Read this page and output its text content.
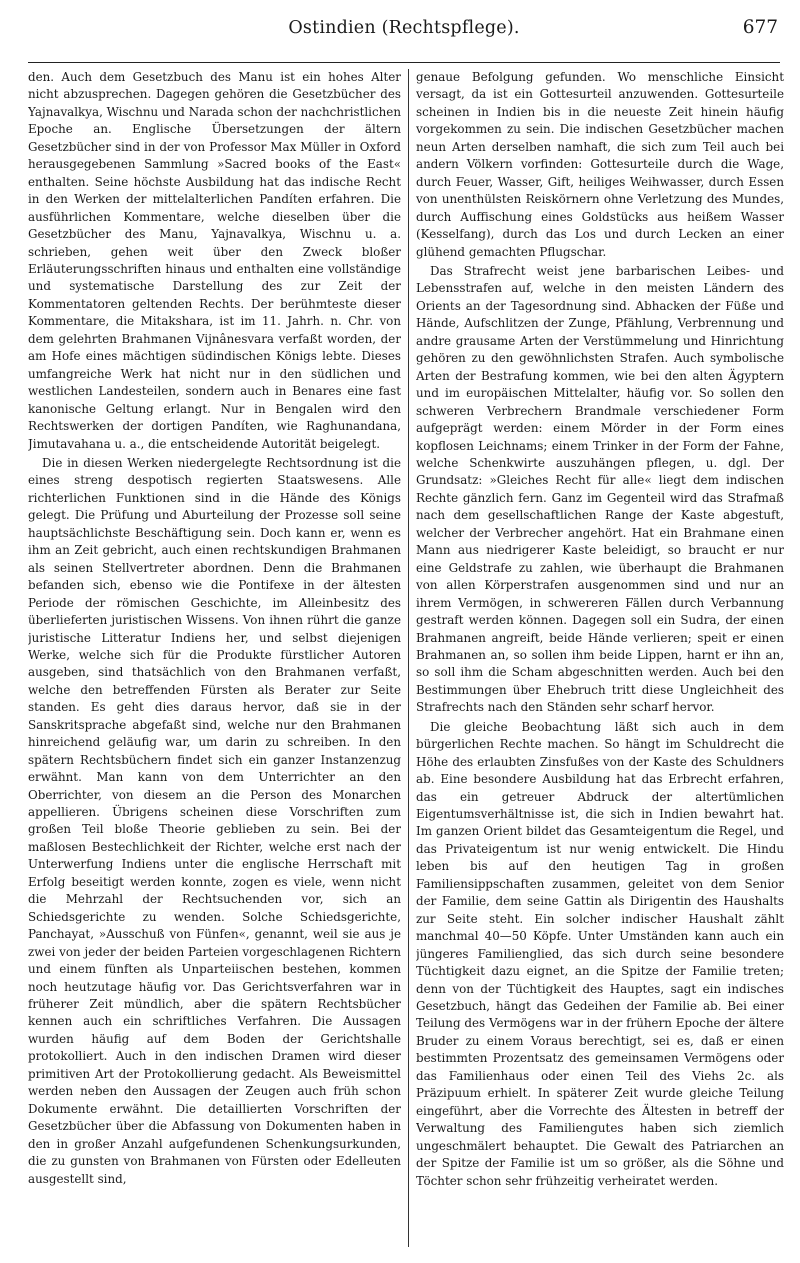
Ostindien (Rechtspflege).	677

den. Auch dem Gesetzbuch des Manu ist ein hohes Alter nicht abzusprechen. Dagegen gehören die Gesetzbücher des Yajnavalkya, Wischnu und Narada schon der nachchristlichen Epoche an. Englische Übersetzungen der ältern Gesetzbücher sind in der von Professor Max Müller in Oxford herausgegebenen Sammlung »Sacred books of the East« enthalten. Seine höchste Ausbildung hat das indische Recht in den Werken der mittelalterlichen Pandíten erfahren. Die ausführlichen Kommentare, welche dieselben über die Gesetzbücher des Manu, Yajnavalkya, Wischnu u. a. schrieben, gehen weit über den Zweck bloßer Erläuterungsschriften hinaus und enthalten eine vollständige und systematische Darstellung des zur Zeit der Kommentatoren geltenden Rechts. Der berühmteste dieser Kommentare, die Mitakshara, ist im 11. Jahrh. n. Chr. von dem gelehrten Brahmanen Vijnânesvara verfaßt worden, der am Hofe eines mächtigen südindischen Königs lebte. Dieses umfangreiche Werk hat nicht nur in den südlichen und westlichen Landesteilen, sondern auch in Benares eine fast kanonische Geltung erlangt. Nur in Bengalen wird den Rechtswerken der dortigen Pandíten, wie Raghunandana, Jimutavahana u. a., die entscheidende Autorität beigelegt.

Die in diesen Werken niedergelegte Rechtsordnung ist die eines streng despotisch regierten Staatswesens. Alle richterlichen Funktionen sind in die Hände des Königs gelegt. Die Prüfung und Aburteilung der Prozesse soll seine hauptsächlichste Beschäftigung sein. Doch kann er, wenn es ihm an Zeit gebricht, auch einen rechtskundigen Brahmanen als seinen Stellvertreter abordnen. Denn die Brahmanen befanden sich, ebenso wie die Pontifexe in der ältesten Periode der römischen Geschichte, im Alleinbesitz des überlieferten juristischen Wissens. Von ihnen rührt die ganze juristische Litteratur Indiens her, und selbst diejenigen Werke, welche sich für die Produkte fürstlicher Autoren ausgeben, sind thatsächlich von den Brahmanen verfaßt, welche den betreffenden Fürsten als Berater zur Seite standen. Es geht dies daraus hervor, daß sie in der Sanskritsprache abgefaßt sind, welche nur den Brahmanen hinreichend geläufig war, um darin zu schreiben. In den spätern Rechtsbüchern findet sich ein ganzer Instanzenzug erwähnt. Man kann von dem Unterrichter an den Oberrichter, von diesem an die Person des Monarchen appellieren. Übrigens scheinen diese Vorschriften zum großen Teil bloße Theorie geblieben zu sein. Bei der maßlosen Bestechlichkeit der Richter, welche erst nach der Unterwerfung Indiens unter die englische Herrschaft mit Erfolg beseitigt werden konnte, zogen es viele, wenn nicht die Mehrzahl der Rechtsuchenden vor, sich an Schiedsgerichte zu wenden. Solche Schiedsgerichte, Panchayat, »Ausschuß von Fünfen«, genannt, weil sie aus je zwei von jeder der beiden Parteien vorgeschlagenen Richtern und einem fünften als Unparteiischen bestehen, kommen noch heutzutage häufig vor. Das Gerichtsverfahren war in früherer Zeit mündlich, aber die spätern Rechtsbücher kennen auch ein schriftliches Verfahren. Die Aussagen wurden häufig auf dem Boden der Gerichtshalle protokolliert. Auch in den indischen Dramen wird dieser primitiven Art der Protokollierung gedacht. Als Beweismittel werden neben den Aussagen der Zeugen auch früh schon Dokumente erwähnt. Die detaillierten Vorschriften der Gesetzbücher über die Abfassung von Dokumenten haben in den in großer Anzahl aufgefundenen Schenkungsurkunden, die zu gunsten von Brahmanen von Fürsten oder Edelleuten ausgestellt sind,

genaue Befolgung gefunden. Wo menschliche Einsicht versagt, da ist ein Gottesurteil anzuwenden. Gottesurteile scheinen in Indien bis in die neueste Zeit hinein häufig vorgekommen zu sein. Die indischen Gesetzbücher machen neun Arten derselben namhaft, die sich zum Teil auch bei andern Völkern vorfinden: Gottesurteile durch die Wage, durch Feuer, Wasser, Gift, heiliges Weihwasser, durch Essen von unenthülsten Reiskörnern ohne Verletzung des Mundes, durch Auffischung eines Goldstücks aus heißem Wasser (Kesselfang), durch das Los und durch Lecken an einer glühend gemachten Pflugschar.

Das Strafrecht weist jene barbarischen Leibes- und Lebensstrafen auf, welche in den meisten Ländern des Orients an der Tagesordnung sind. Abhacken der Füße und Hände, Aufschlitzen der Zunge, Pfählung, Verbrennung und andre grausame Arten der Verstümmelung und Hinrichtung gehören zu den gewöhnlichsten Strafen. Auch symbolische Arten der Bestrafung kommen, wie bei den alten Ägyptern und im europäischen Mittelalter, häufig vor. So sollen den schweren Verbrechern Brandmale verschiedener Form aufgeprägt werden: einem Mörder in der Form eines kopflosen Leichnams; einem Trinker in der Form der Fahne, welche Schenkwirte auszuhängen pflegen, u. dgl. Der Grundsatz: »Gleiches Recht für alle« liegt dem indischen Rechte gänzlich fern. Ganz im Gegenteil wird das Strafmaß nach dem gesellschaftlichen Range der Kaste abgestuft, welcher der Verbrecher angehört. Hat ein Brahmane einen Mann aus niedrigerer Kaste beleidigt, so braucht er nur eine Geldstrafe zu zahlen, wie überhaupt die Brahmanen von allen Körperstrafen ausgenommen sind und nur an ihrem Vermögen, in schwereren Fällen durch Verbannung gestraft werden können. Dagegen soll ein Sudra, der einen Brahmanen angreift, beide Hände verlieren; speit er einen Brahmanen an, so sollen ihm beide Lippen, harnt er ihn an, so soll ihm die Scham abgeschnitten werden. Auch bei den Bestimmungen über Ehebruch tritt diese Ungleichheit des Strafrechts nach den Ständen sehr scharf hervor.

Die gleiche Beobachtung läßt sich auch in dem bürgerlichen Rechte machen. So hängt im Schuldrecht die Höhe des erlaubten Zinsfußes von der Kaste des Schuldners ab. Eine besondere Ausbildung hat das Erbrecht erfahren, das ein getreuer Abdruck der altertümlichen Eigentumsverhältnisse ist, die sich in Indien bewahrt hat. Im ganzen Orient bildet das Gesamteigentum die Regel, und das Privateigentum ist nur wenig entwickelt. Die Hindu leben bis auf den heutigen Tag in großen Familiensippschaften zusammen, geleitet von dem Senior der Familie, dem seine Gattin als Dirigentin des Haushalts zur Seite steht. Ein solcher indischer Haushalt zählt manchmal 40—50 Köpfe. Unter Umständen kann auch ein jüngeres Familienglied, das sich durch seine besondere Tüchtigkeit dazu eignet, an die Spitze der Familie treten; denn von der Tüchtigkeit des Hauptes, sagt ein indisches Gesetzbuch, hängt das Gedeihen der Familie ab. Bei einer Teilung des Vermögens war in der frühern Epoche der ältere Bruder zu einem Voraus berechtigt, sei es, daß er einen bestimmten Prozentsatz des gemeinsamen Vermögens oder das Familienhaus oder einen Teil des Viehs 2c. als Präzipuum erhielt. In späterer Zeit wurde gleiche Teilung eingeführt, aber die Vorrechte des Ältesten in betreff der Verwaltung des Familiengutes haben sich ziemlich ungeschmälert behauptet. Die Gewalt des Patriarchen an der Spitze der Familie ist um so größer, als die Söhne und Töchter schon sehr frühzeitig verheiratet werden.
